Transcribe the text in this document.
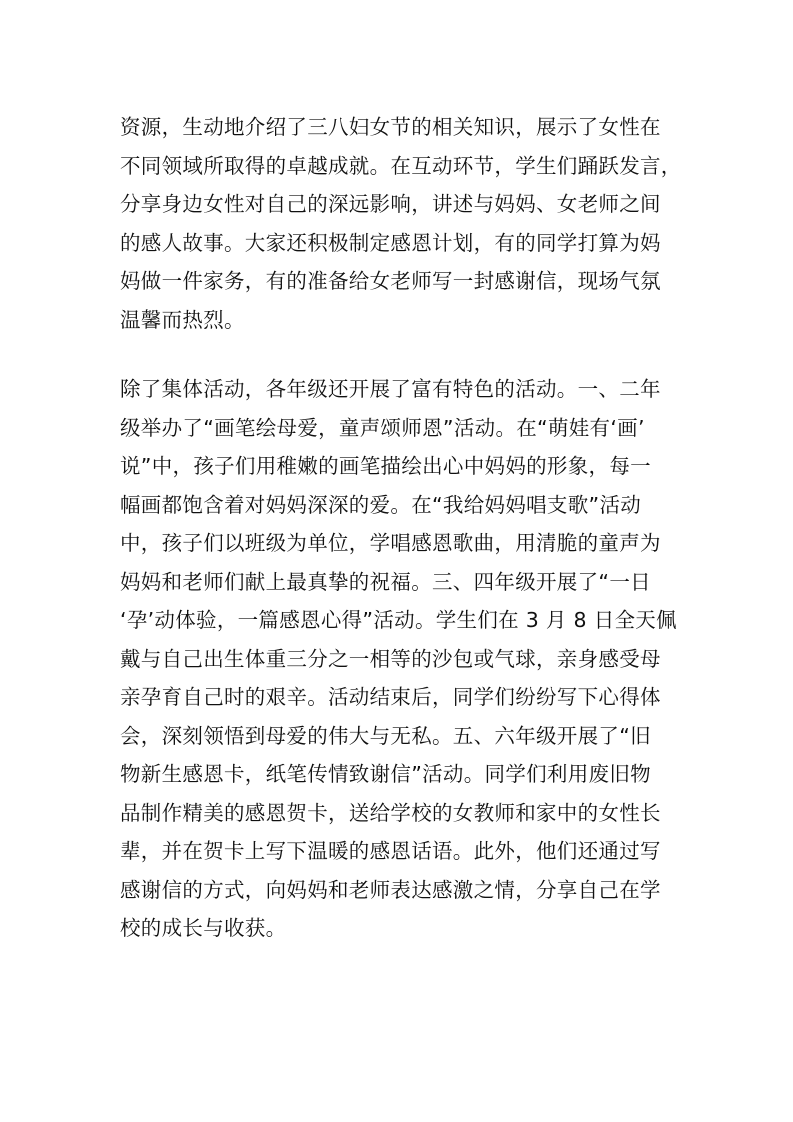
资源，生动地介绍了三八妇女节的相关知识，展示了女性在
不同领域所取得的卓越成就。在互动环节，学生们踊跃发言，
分享身边女性对自己的深远影响，讲述与妈妈、女老师之间
的感人故事。大家还积极制定感恩计划，有的同学打算为妈
妈做一件家务，有的准备给女老师写一封感谢信，现场气氛
温馨而热烈。
除了集体活动，各年级还开展了富有特色的活动。一、二年
级举办了“画笔绘母爱，童声颂师恩”活动。在“萌娃有‘画’
说”中，孩子们用稚嫩的画笔描绘出心中妈妈的形象，每一
幅画都饱含着对妈妈深深的爱。在“我给妈妈唱支歌”活动
中，孩子们以班级为单位，学唱感恩歌曲，用清脆的童声为
妈妈和老师们献上最真挚的祝福。三、四年级开展了“一日
‘孕’动体验，一篇感恩心得”活动。学生们在 3 月 8 日全天佩
戴与自己出生体重三分之一相等的沙包或气球，亲身感受母
亲孕育自己时的艰辛。活动结束后，同学们纷纷写下心得体
会，深刻领悟到母爱的伟大与无私。五、六年级开展了“旧
物新生感恩卡，纸笔传情致谢信”活动。同学们利用废旧物
品制作精美的感恩贺卡，送给学校的女教师和家中的女性长
辈，并在贺卡上写下温暖的感恩话语。此外，他们还通过写
感谢信的方式，向妈妈和老师表达感激之情，分享自己在学
校的成长与收获。
